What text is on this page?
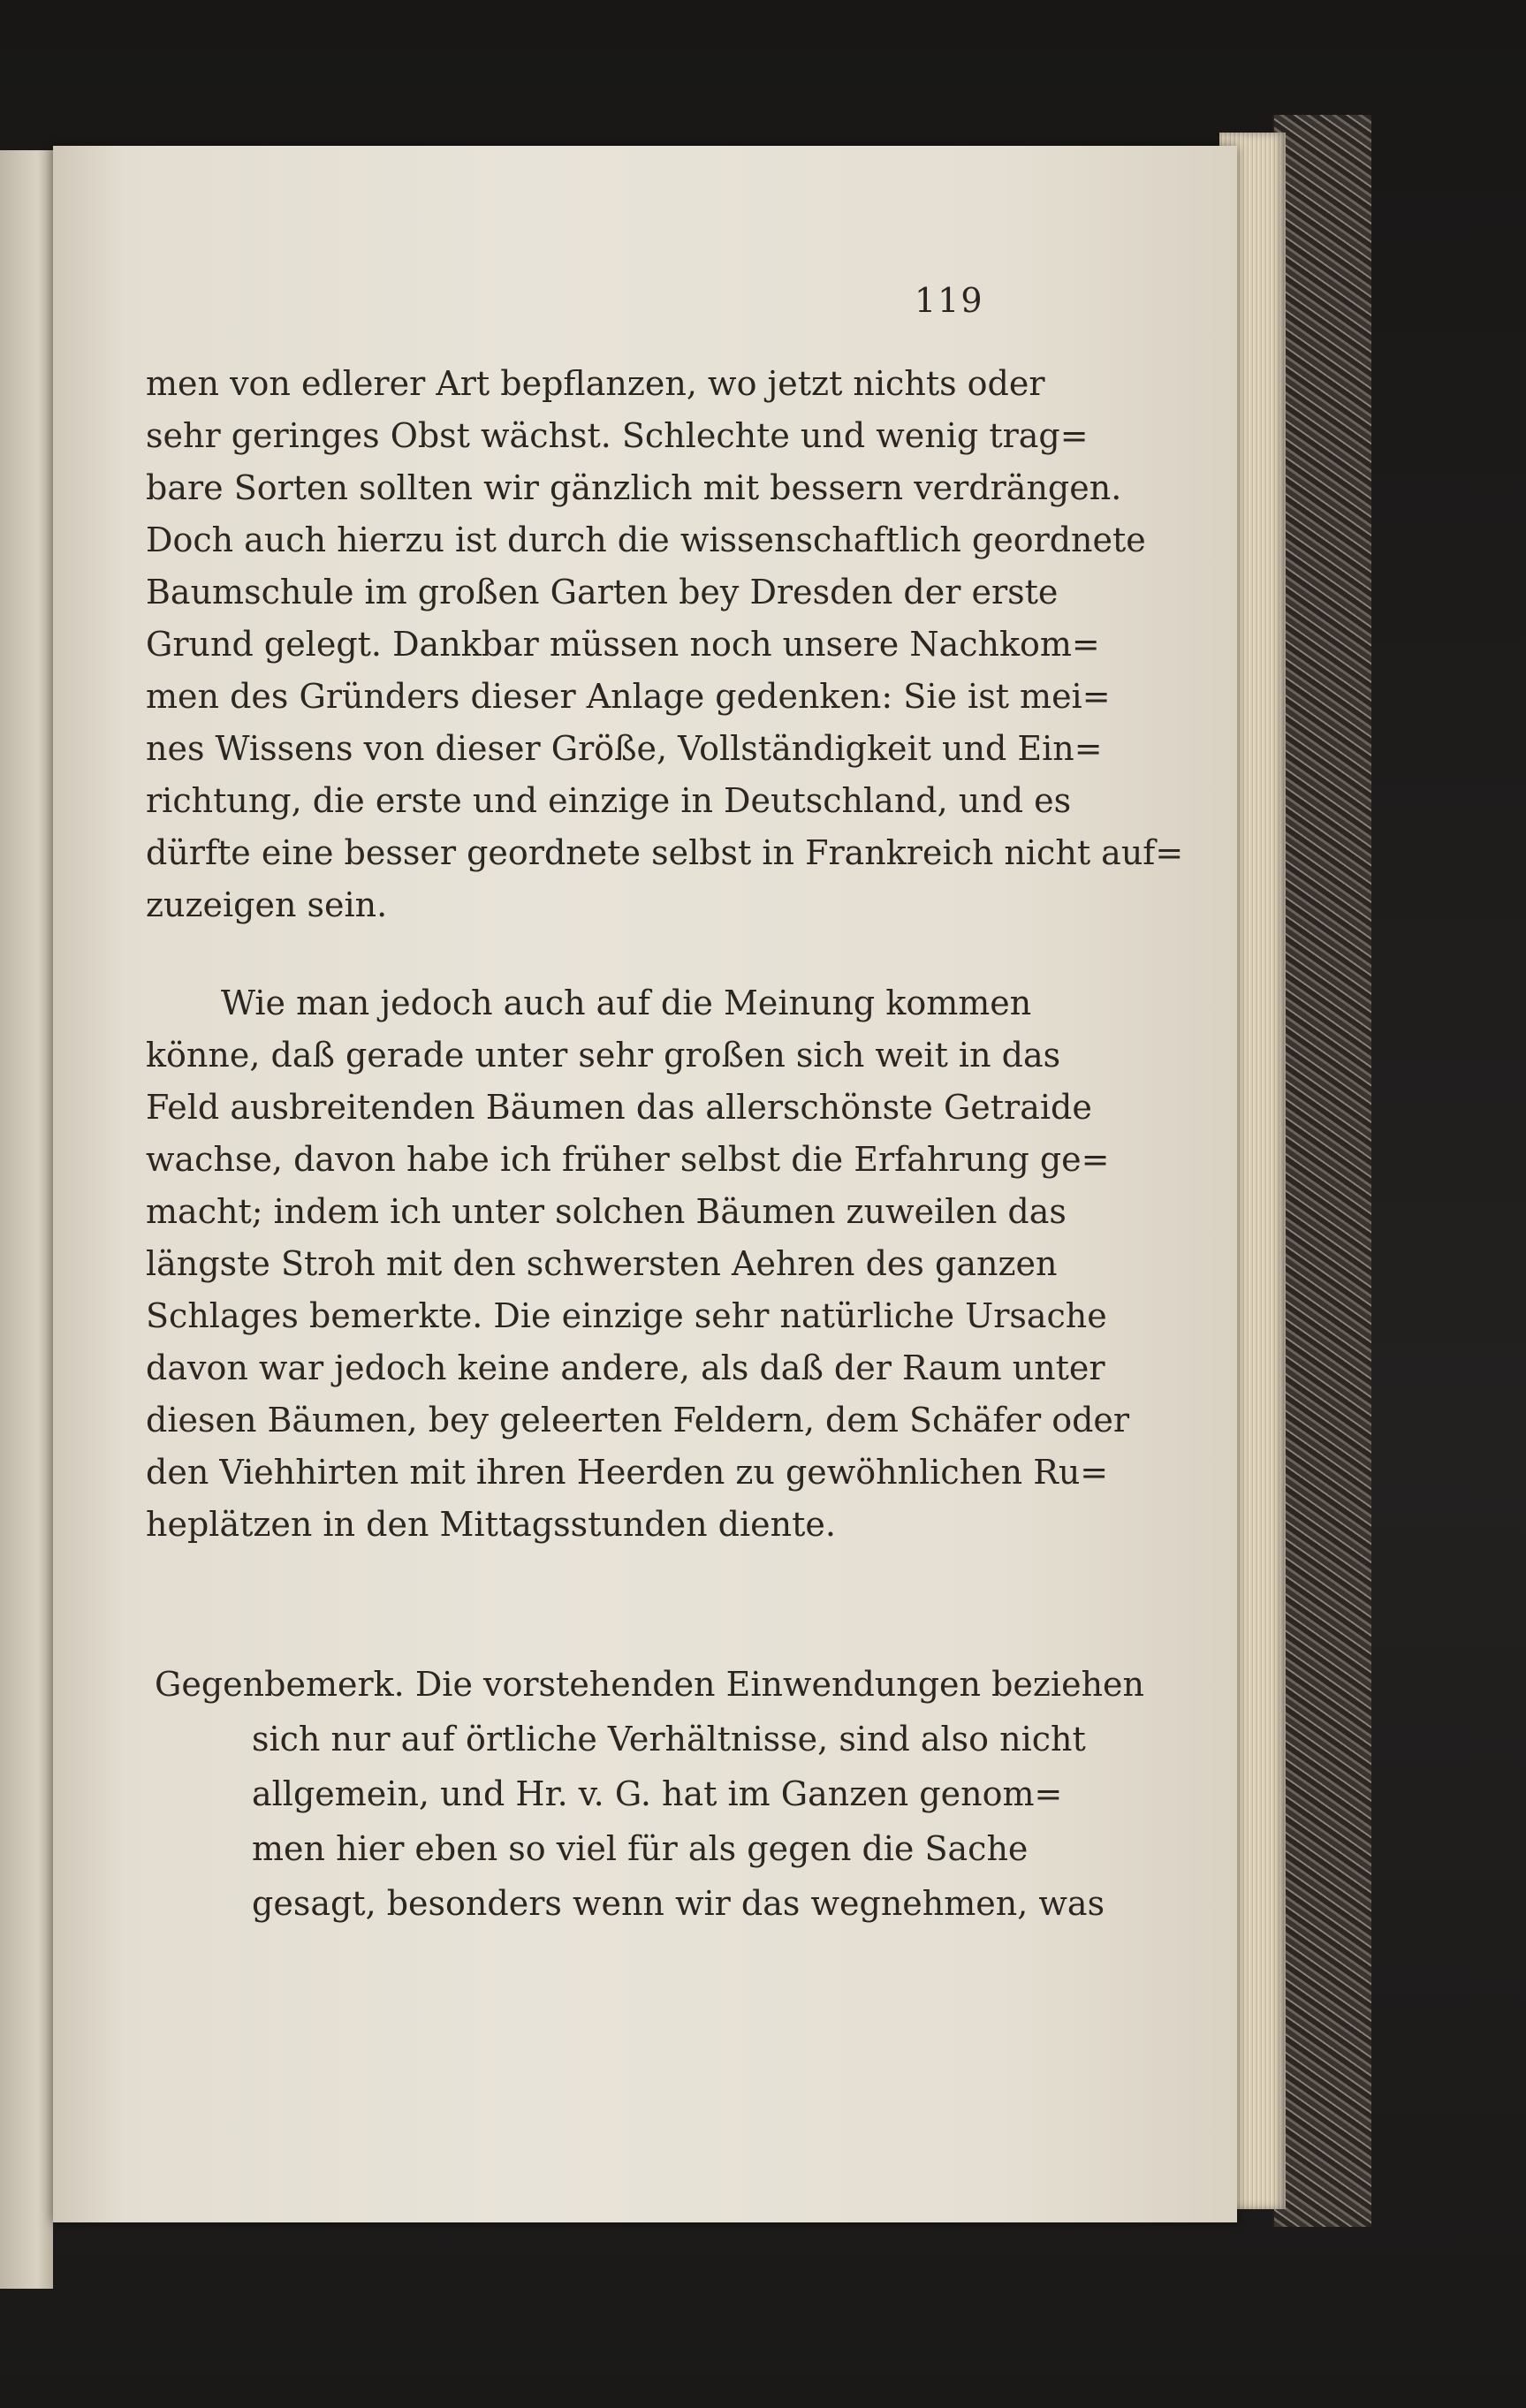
119
men von edlerer Art bepflanzen, wo jetzt nichts oder
sehr geringes Obst wächst. Schlechte und wenig trag=
bare Sorten sollten wir gänzlich mit bessern verdrängen.
Doch auch hierzu ist durch die wissenschaftlich geordnete
Baumschule im großen Garten bey Dresden der erste
Grund gelegt. Dankbar müssen noch unsere Nachkom=
men des Gründers dieser Anlage gedenken: Sie ist mei=
nes Wissens von dieser Größe, Vollständigkeit und Ein=
richtung, die erste und einzige in Deutschland, und es
dürfte eine besser geordnete selbst in Frankreich nicht auf=
zuzeigen sein.
Wie man jedoch auch auf die Meinung kommen
könne, daß gerade unter sehr großen sich weit in das
Feld ausbreitenden Bäumen das allerschönste Getraide
wachse, davon habe ich früher selbst die Erfahrung ge=
macht; indem ich unter solchen Bäumen zuweilen das
längste Stroh mit den schwersten Aehren des ganzen
Schlages bemerkte. Die einzige sehr natürliche Ursache
davon war jedoch keine andere, als daß der Raum unter
diesen Bäumen, bey geleerten Feldern, dem Schäfer oder
den Viehhirten mit ihren Heerden zu gewöhnlichen Ru=
heplätzen in den Mittagsstunden diente.
Gegenbemerk. Die vorstehenden Einwendungen beziehen
sich nur auf örtliche Verhältnisse, sind also nicht
allgemein, und Hr. v. G. hat im Ganzen genom=
men hier eben so viel für als gegen die Sache
gesagt, besonders wenn wir das wegnehmen, was
